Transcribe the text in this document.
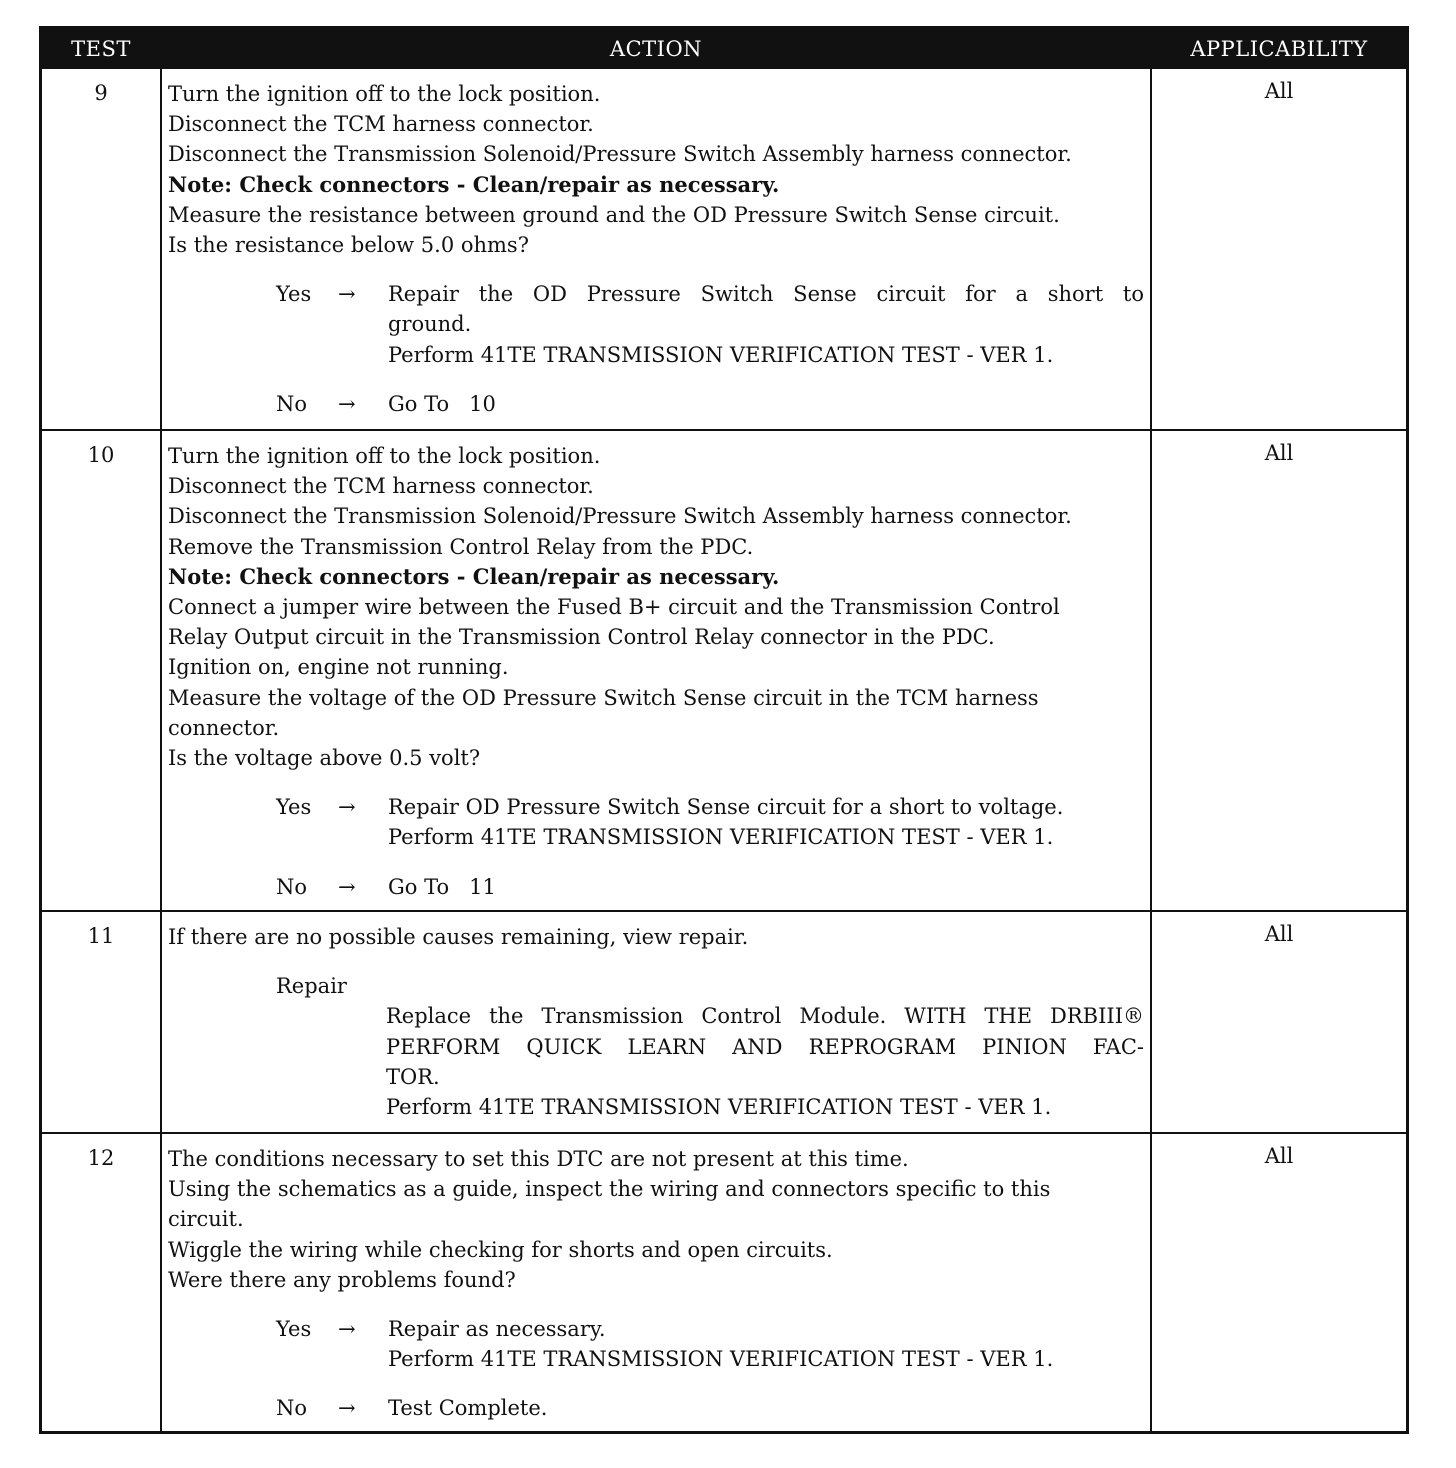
TEST	ACTION	APPLICABILITY
9	Turn the ignition off to the lock position.
Disconnect the TCM harness connector.
Disconnect the Transmission Solenoid/Pressure Switch Assembly harness connector.
Note: Check connectors - Clean/repair as necessary.
Measure the resistance between ground and the OD Pressure Switch Sense circuit.
Is the resistance below 5.0 ohms?
Yes → Repair the OD Pressure Switch Sense circuit for a short to
ground.
Perform 41TE TRANSMISSION VERIFICATION TEST - VER 1.
No → Go To   10
All
10	Turn the ignition off to the lock position.
Disconnect the TCM harness connector.
Disconnect the Transmission Solenoid/Pressure Switch Assembly harness connector.
Remove the Transmission Control Relay from the PDC.
Note: Check connectors - Clean/repair as necessary.
Connect a jumper wire between the Fused B+ circuit and the Transmission Control
Relay Output circuit in the Transmission Control Relay connector in the PDC.
Ignition on, engine not running.
Measure the voltage of the OD Pressure Switch Sense circuit in the TCM harness
connector.
Is the voltage above 0.5 volt?
Yes → Repair OD Pressure Switch Sense circuit for a short to voltage.
Perform 41TE TRANSMISSION VERIFICATION TEST - VER 1.
No → Go To   11
All
11	If there are no possible causes remaining, view repair.
Repair
Replace the Transmission Control Module. WITH THE DRBIII®
PERFORM QUICK LEARN AND REPROGRAM PINION FAC-
TOR.
Perform 41TE TRANSMISSION VERIFICATION TEST - VER 1.
All
12	The conditions necessary to set this DTC are not present at this time.
Using the schematics as a guide, inspect the wiring and connectors specific to this
circuit.
Wiggle the wiring while checking for shorts and open circuits.
Were there any problems found?
Yes → Repair as necessary.
Perform 41TE TRANSMISSION VERIFICATION TEST - VER 1.
No → Test Complete.
All
